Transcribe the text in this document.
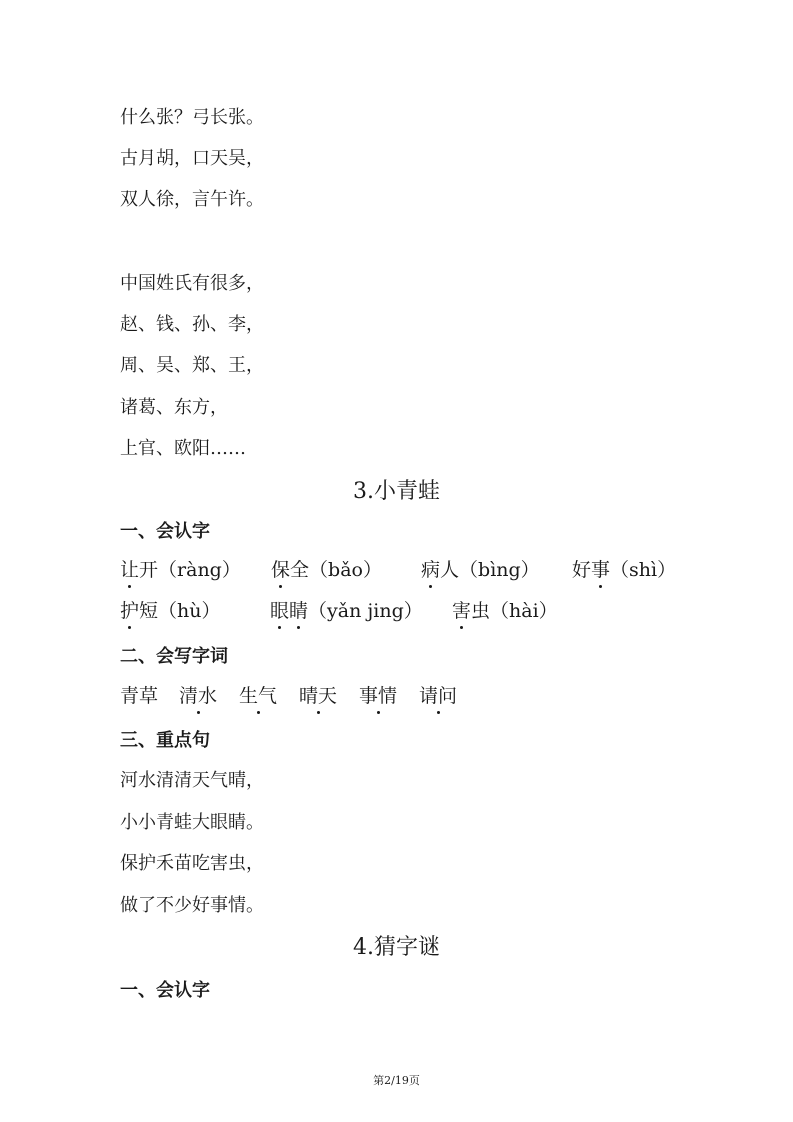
什么张？弓长张。
古月胡，口天吴，
双人徐，言午许。
中国姓氏有很多，
赵、钱、孙、李，
周、吴、郑、王，
诸葛、东方，
上官、欧阳……
3.小青蛙
一、会认字
让开（ràng） 保全（bǎo） 病人（bìng） 好事（shì）
护短（hù）	眼睛（yǎn jing） 害虫（hài）
二、会写字词
青草 清水 生气 晴天 事情 请问
三、重点句
河水清清天气晴，
小小青蛙大眼睛。
保护禾苗吃害虫，
做了不少好事情。
4.猜字谜
一、会认字
第2/19页
